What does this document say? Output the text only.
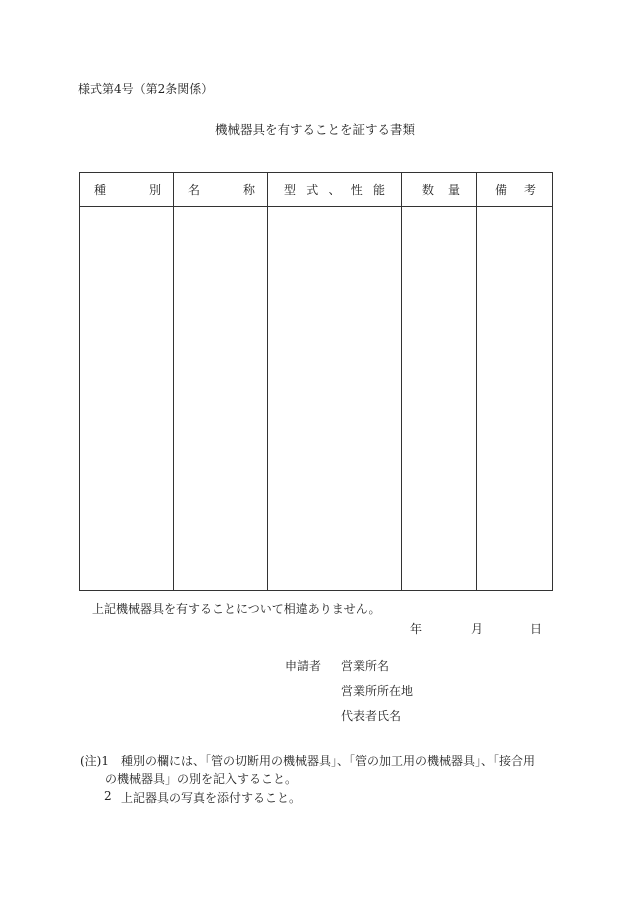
様式第4号（第2条関係）
機械器具を有することを証する書類
種 別	名 称	型 式 、 性 能	数 量	備 考

上記機械器具を有することについて相違ありません。
年	月	日
申請者 営業所名
営業所所在地
代表者氏名
(注)1 種別の欄には、「管の切断用の機械器具」、「管の加工用の機械器具」、「接合用
の機械器具」の別を記入すること。
2 上記器具の写真を添付すること。
